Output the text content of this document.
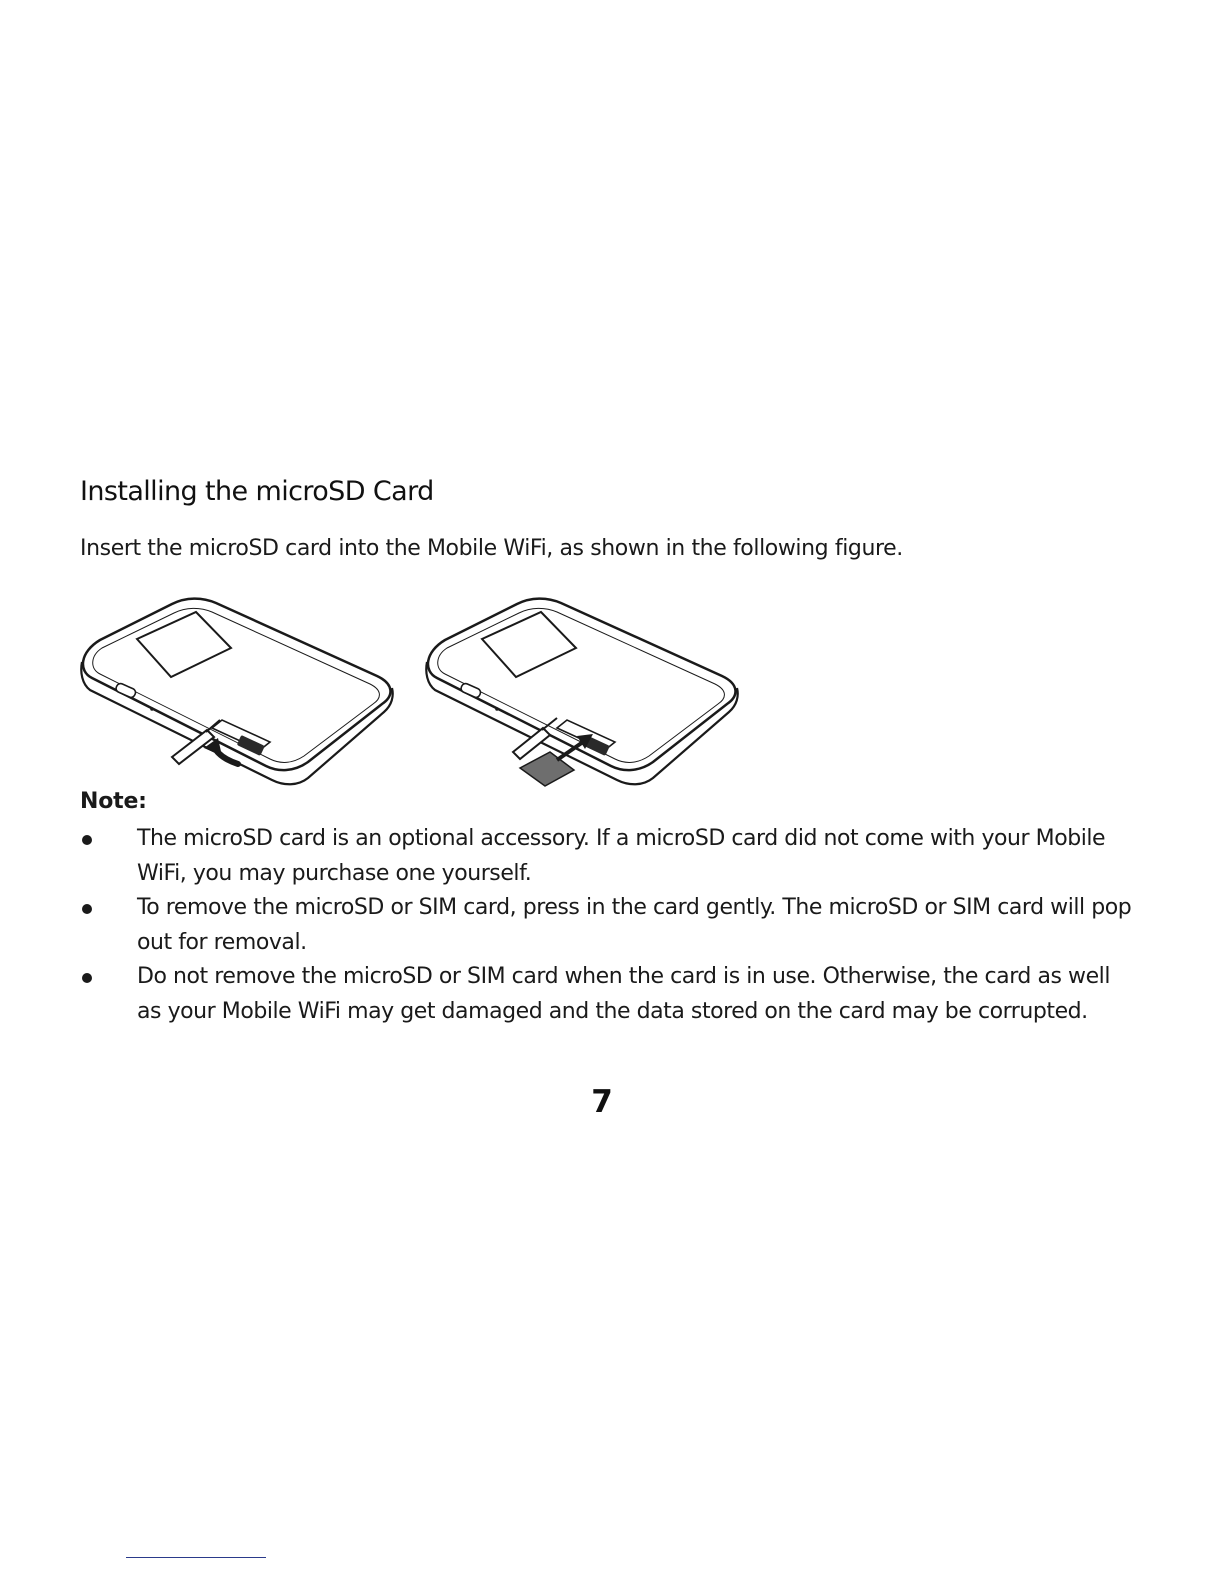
Installing the microSD Card

Insert the microSD card into the Mobile WiFi, as shown in the following figure.

Note:

The microSD card is an optional accessory. If a microSD card did not come with your Mobile WiFi, you may purchase one yourself.
To remove the microSD or SIM card, press in the card gently. The microSD or SIM card will pop out for removal.
Do not remove the microSD or SIM card when the card is in use. Otherwise, the card as well as your Mobile WiFi may get damaged and the data stored on the card may be corrupted.

7
